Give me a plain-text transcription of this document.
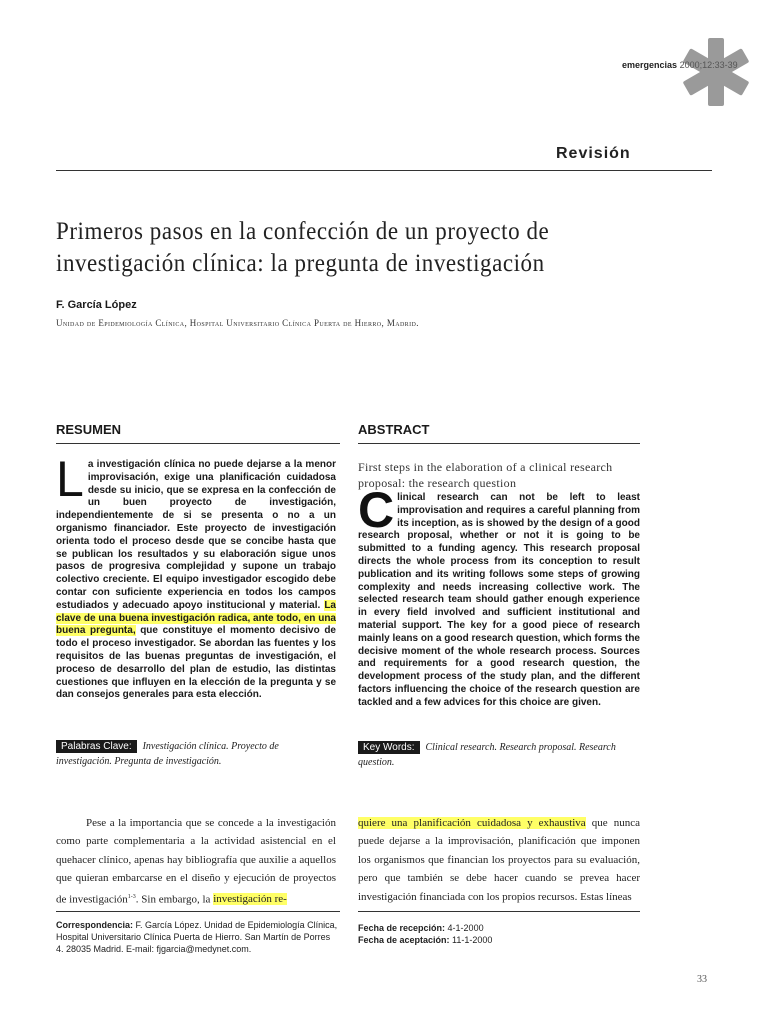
emergencias 2000;12:33-39
Revisión
Primeros pasos en la confección de un proyecto de
investigación clínica: la pregunta de investigación
F. García López
Unidad de Epidemiología Clínica, Hospital Universitario Clínica Puerta de Hierro, Madrid.
RESUMEN
La investigación clínica no puede dejarse a la menor improvisación, exige una planificación cuidadosa desde su inicio, que se expresa en la confección de un buen proyecto de investigación, independientemente de si se presenta o no a un organismo financiador. Este proyecto de investigación orienta todo el proceso desde que se concibe hasta que se publican los resultados y su elaboración sigue unos pasos de progresiva complejidad y supone un trabajo colectivo creciente. El equipo investigador escogido debe contar con suficiente experiencia en todos los campos estudiados y adecuado apoyo institucional y material. La clave de una buena investigación radica, ante todo, en una buena pregunta, que constituye el momento decisivo de todo el proceso investigador. Se abordan las fuentes y los requisitos de las buenas preguntas de investigación, el proceso de desarrollo del plan de estudio, las distintas cuestiones que influyen en la elección de la pregunta y se dan consejos generales para esta elección.
Palabras Clave: Investigación clínica. Proyecto de investigación. Pregunta de investigación.
ABSTRACT
First steps in the elaboration of a clinical research proposal: the research question
Clinical research can not be left to least improvisation and requires a careful planning from its inception, as is showed by the design of a good research proposal, whether or not it is going to be submitted to a funding agency. This research proposal directs the whole process from its conception to result publication and its writing follows some steps of growing complexity and needs increasing collective work. The selected research team should gather enough experience in every field involved and sufficient institutional and material support. The key for a good piece of research mainly leans on a good research question, which forms the decisive moment of the whole research process. Sources and requirements for a good research question, the development process of the study plan, and the different factors influencing the choice of the research question are tackled and a few advices for this choice are given.
Key Words: Clinical research. Research proposal. Research question.
Pese a la importancia que se concede a la investigación como parte complementaria a la actividad asistencial en el quehacer clínico, apenas hay bibliografía que auxilie a aquellos que quieran embarcarse en el diseño y ejecución de proyectos de investigación$^{1-3}$. Sin embargo, la investigación re-
quiere una planificación cuidadosa y exhaustiva que nunca puede dejarse a la improvisación, planificación que imponen los organismos que financian los proyectos para su evaluación, pero que también se debe hacer cuando se prevea hacer investigación financiada con los propios recursos. Estas líneas
Correspondencia: F. García López. Unidad de Epidemiología Clínica, Hospital Universitario Clínica Puerta de Hierro. San Martín de Porres 4. 28035 Madrid. E-mail: fjgarcia@medynet.com.
Fecha de recepción: 4-1-2000
Fecha de aceptación: 11-1-2000
33
